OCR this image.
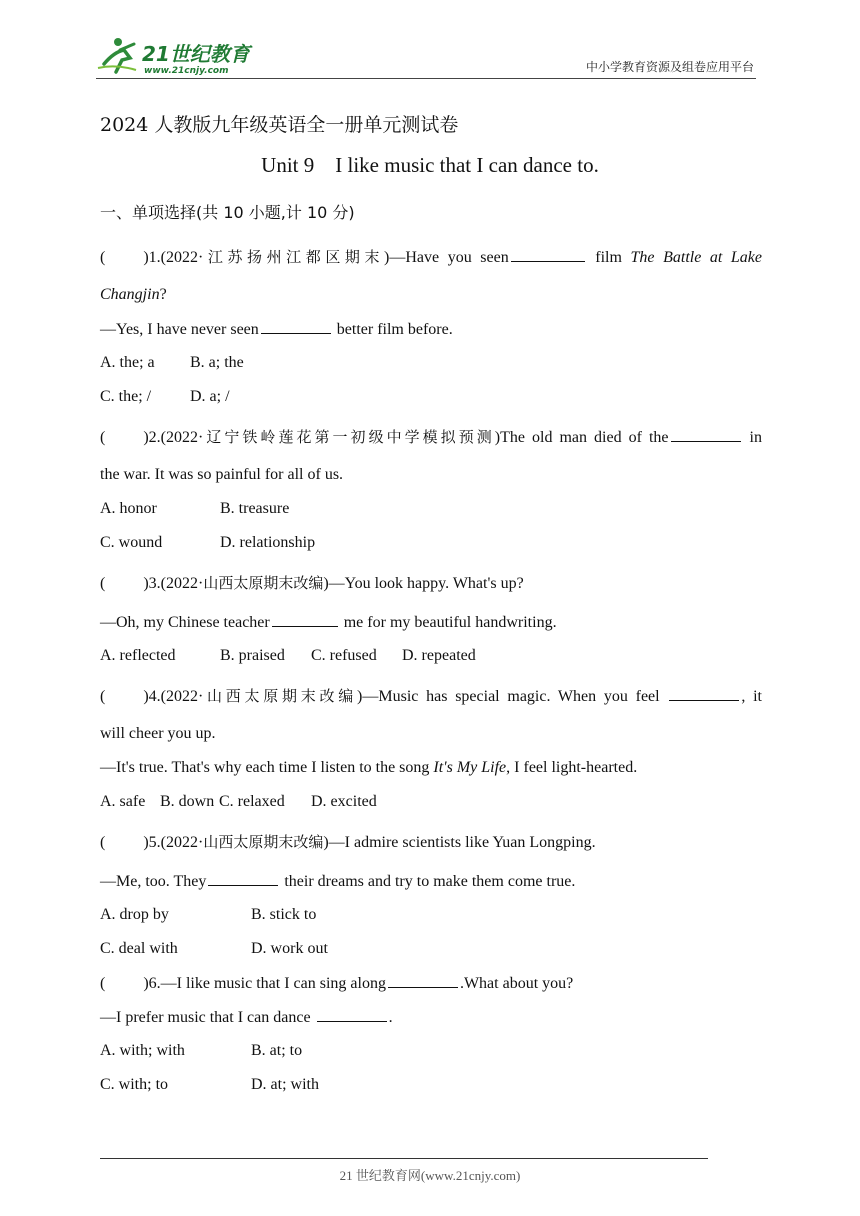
21世纪教育
www.21cnjy.com	中小学教育资源及组卷应用平台
2024 人教版九年级英语全一册单元测试卷
Unit 9    I like music that I can dance to.
一、单项选择(共 10 小题,计 10 分)
( )1.(2022·江苏扬州江都区期末)—Have you seen	film The Battle at Lake
Changjin?
—Yes, I have never seen	better film before.
A. the; a B. a; the
C. the; / D. a; /
( )2.(2022·辽宁铁岭莲花第一初级中学模拟预测)The old man died of the	in
the war. It was so painful for all of us.
A. honor	B. treasure
C. wound	D. relationship
( )3.(2022·山西太原期末改编)—You look happy. What's up?
—Oh, my Chinese teacher	me for my beautiful handwriting.
A. reflected	B. praised C. refused D. repeated
( )4.(2022·山西太原期末改编)—Music has special magic. When you feel	, it
will cheer you up.
—It's true. That's why each time I listen to the song It's My Life, I feel light-hearted.
A. safe B. down C. relaxed D. excited
( )5.(2022·山西太原期末改编)—I admire scientists like Yuan Longping.
—Me, too. They	their dreams and try to make them come true.
A. drop by	B. stick to
C. deal with	D. work out
( )6.—I like music that I can sing along	.What about you?
—I prefer music that I can dance	.
A. with; with	B. at; to
C. with; to	D. at; with
21 世纪教育网(www.21cnjy.com)
